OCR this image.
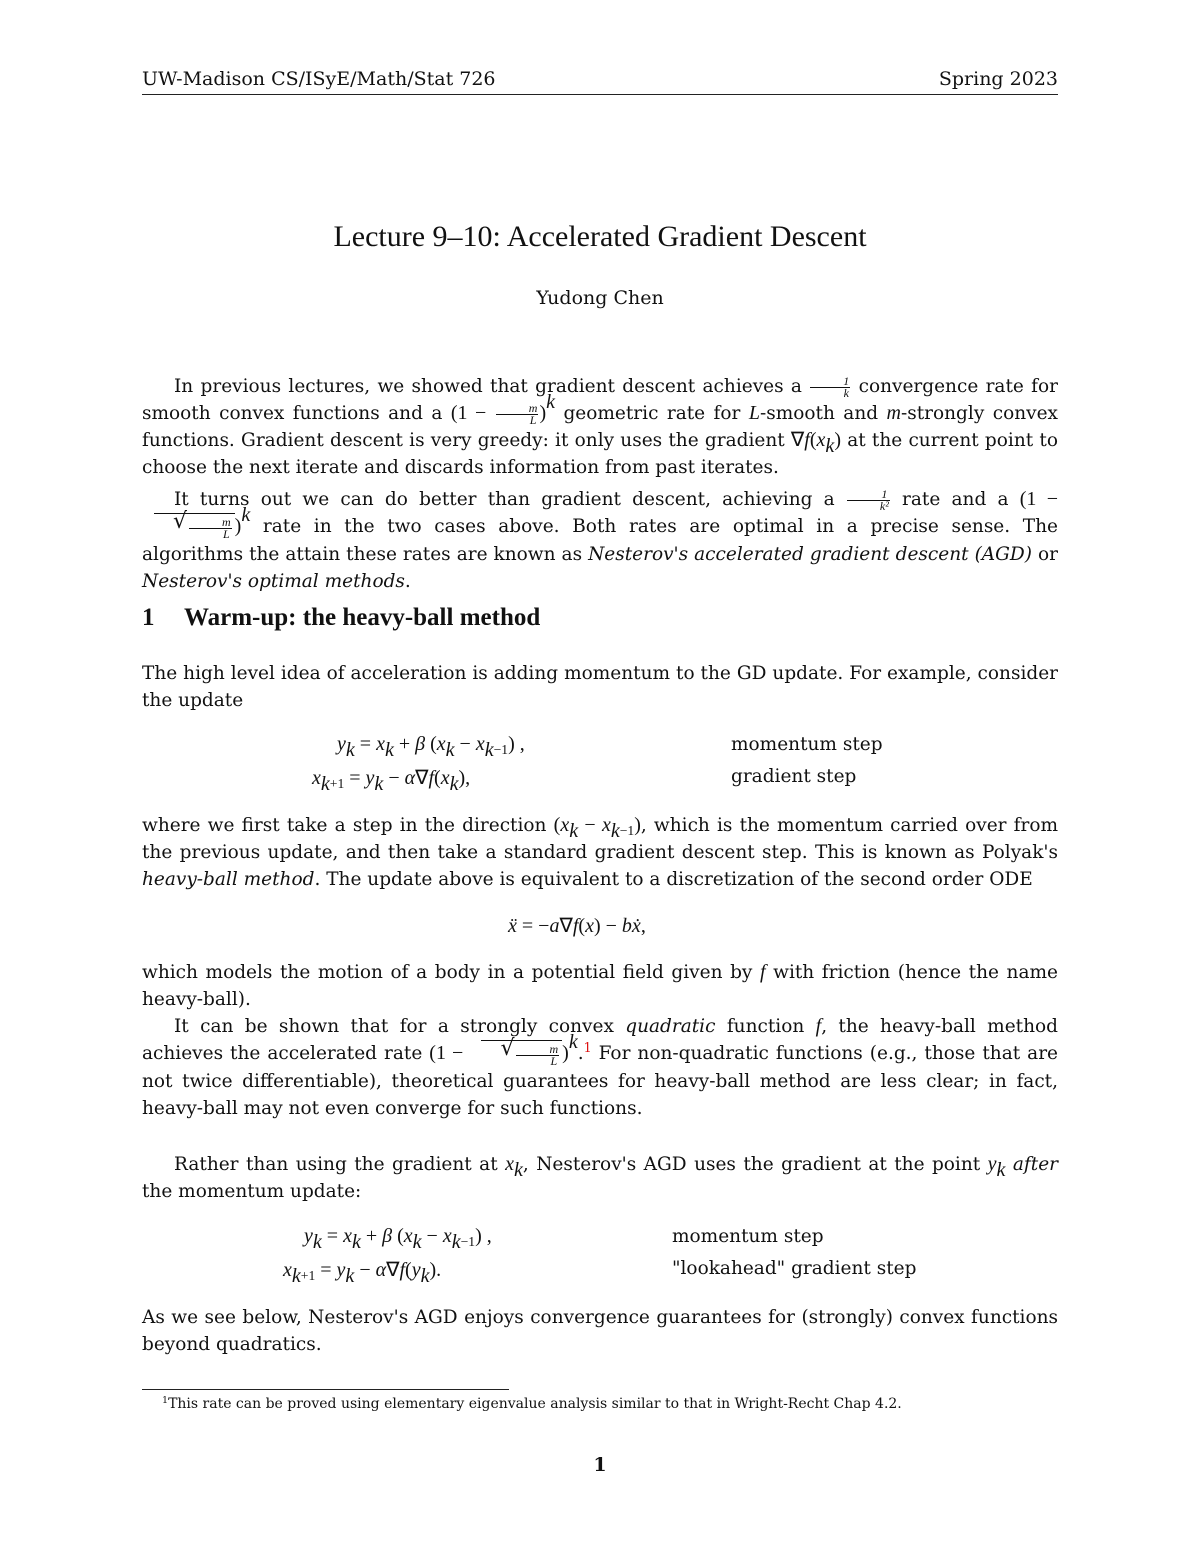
UW-Madison CS/ISyE/Math/Stat 726	Spring 2023
Lecture 9–10: Accelerated Gradient Descent
Yudong Chen
In previous lectures, we showed that gradient descent achieves a $\frac{1}{k}$ convergence rate for smooth convex functions and a $(1 - \frac{m}{L} )^k$ geometric rate for L-smooth and m-strongly convex functions. Gradient descent is very greedy: it only uses the gradient $\nabla f(x_k)$ at the current point to choose the next iterate and discards information from past iterates.
It turns out we can do better than gradient descent, achieving a $\frac{1}{\text{k²}}$ rate and a (1 −
√ $\frac{m}{L} )^k$ rate in the two cases above. Both rates are optimal in a precise sense. The algorithms the attain these rates are known as Nesterov's accelerated gradient descent (AGD) or Nesterov's optimal methods.
1 Warm-up: the heavy-ball method
The high level idea of acceleration is adding momentum to the GD update. For example, consider the update
$y_k = x_k + \beta$ $(x_k - x_{k-1})$ ,
$x_{k+1} = y_k - \alpha\nabla f(x_k)$,
momentum step
gradient step
where we first take a step in the direction $(x_k - x_{k-1})$, which is the momentum carried over from the previous update, and then take a standard gradient descent step. This is known as Polyak's heavy-ball method. The update above is equivalent to a discretization of the second order ODE
ẍ = −a∇f(x) − bẋ,
which models the motion of a body in a potential field given by f with friction (hence the name heavy-ball).
It can be shown that for a strongly convex quadratic function f, the heavy-ball method achieves the accelerated rate (1 −
√	$\frac{m}{L} )^k.^1$ For non-quadratic functions (e.g., those that are not twice differentiable), theoretical guarantees for heavy-ball method are less clear; in fact, heavy-ball may not even converge for such functions.
Rather than using the gradient at $x_k$, Nesterov's AGD uses the gradient at the point $y_k$ after the momentum update:
$y_k = x_k + \beta$ $(x_k - x_{k-1})$ ,
$x_{k+1} = y_k - \alpha\nabla f(y_k)$.
momentum step
"lookahead" gradient step
As we see below, Nesterov's AGD enjoys convergence guarantees for (strongly) convex functions beyond quadratics.
$^1$This rate can be proved using elementary eigenvalue analysis similar to that in Wright-Recht Chap 4.2.
1
